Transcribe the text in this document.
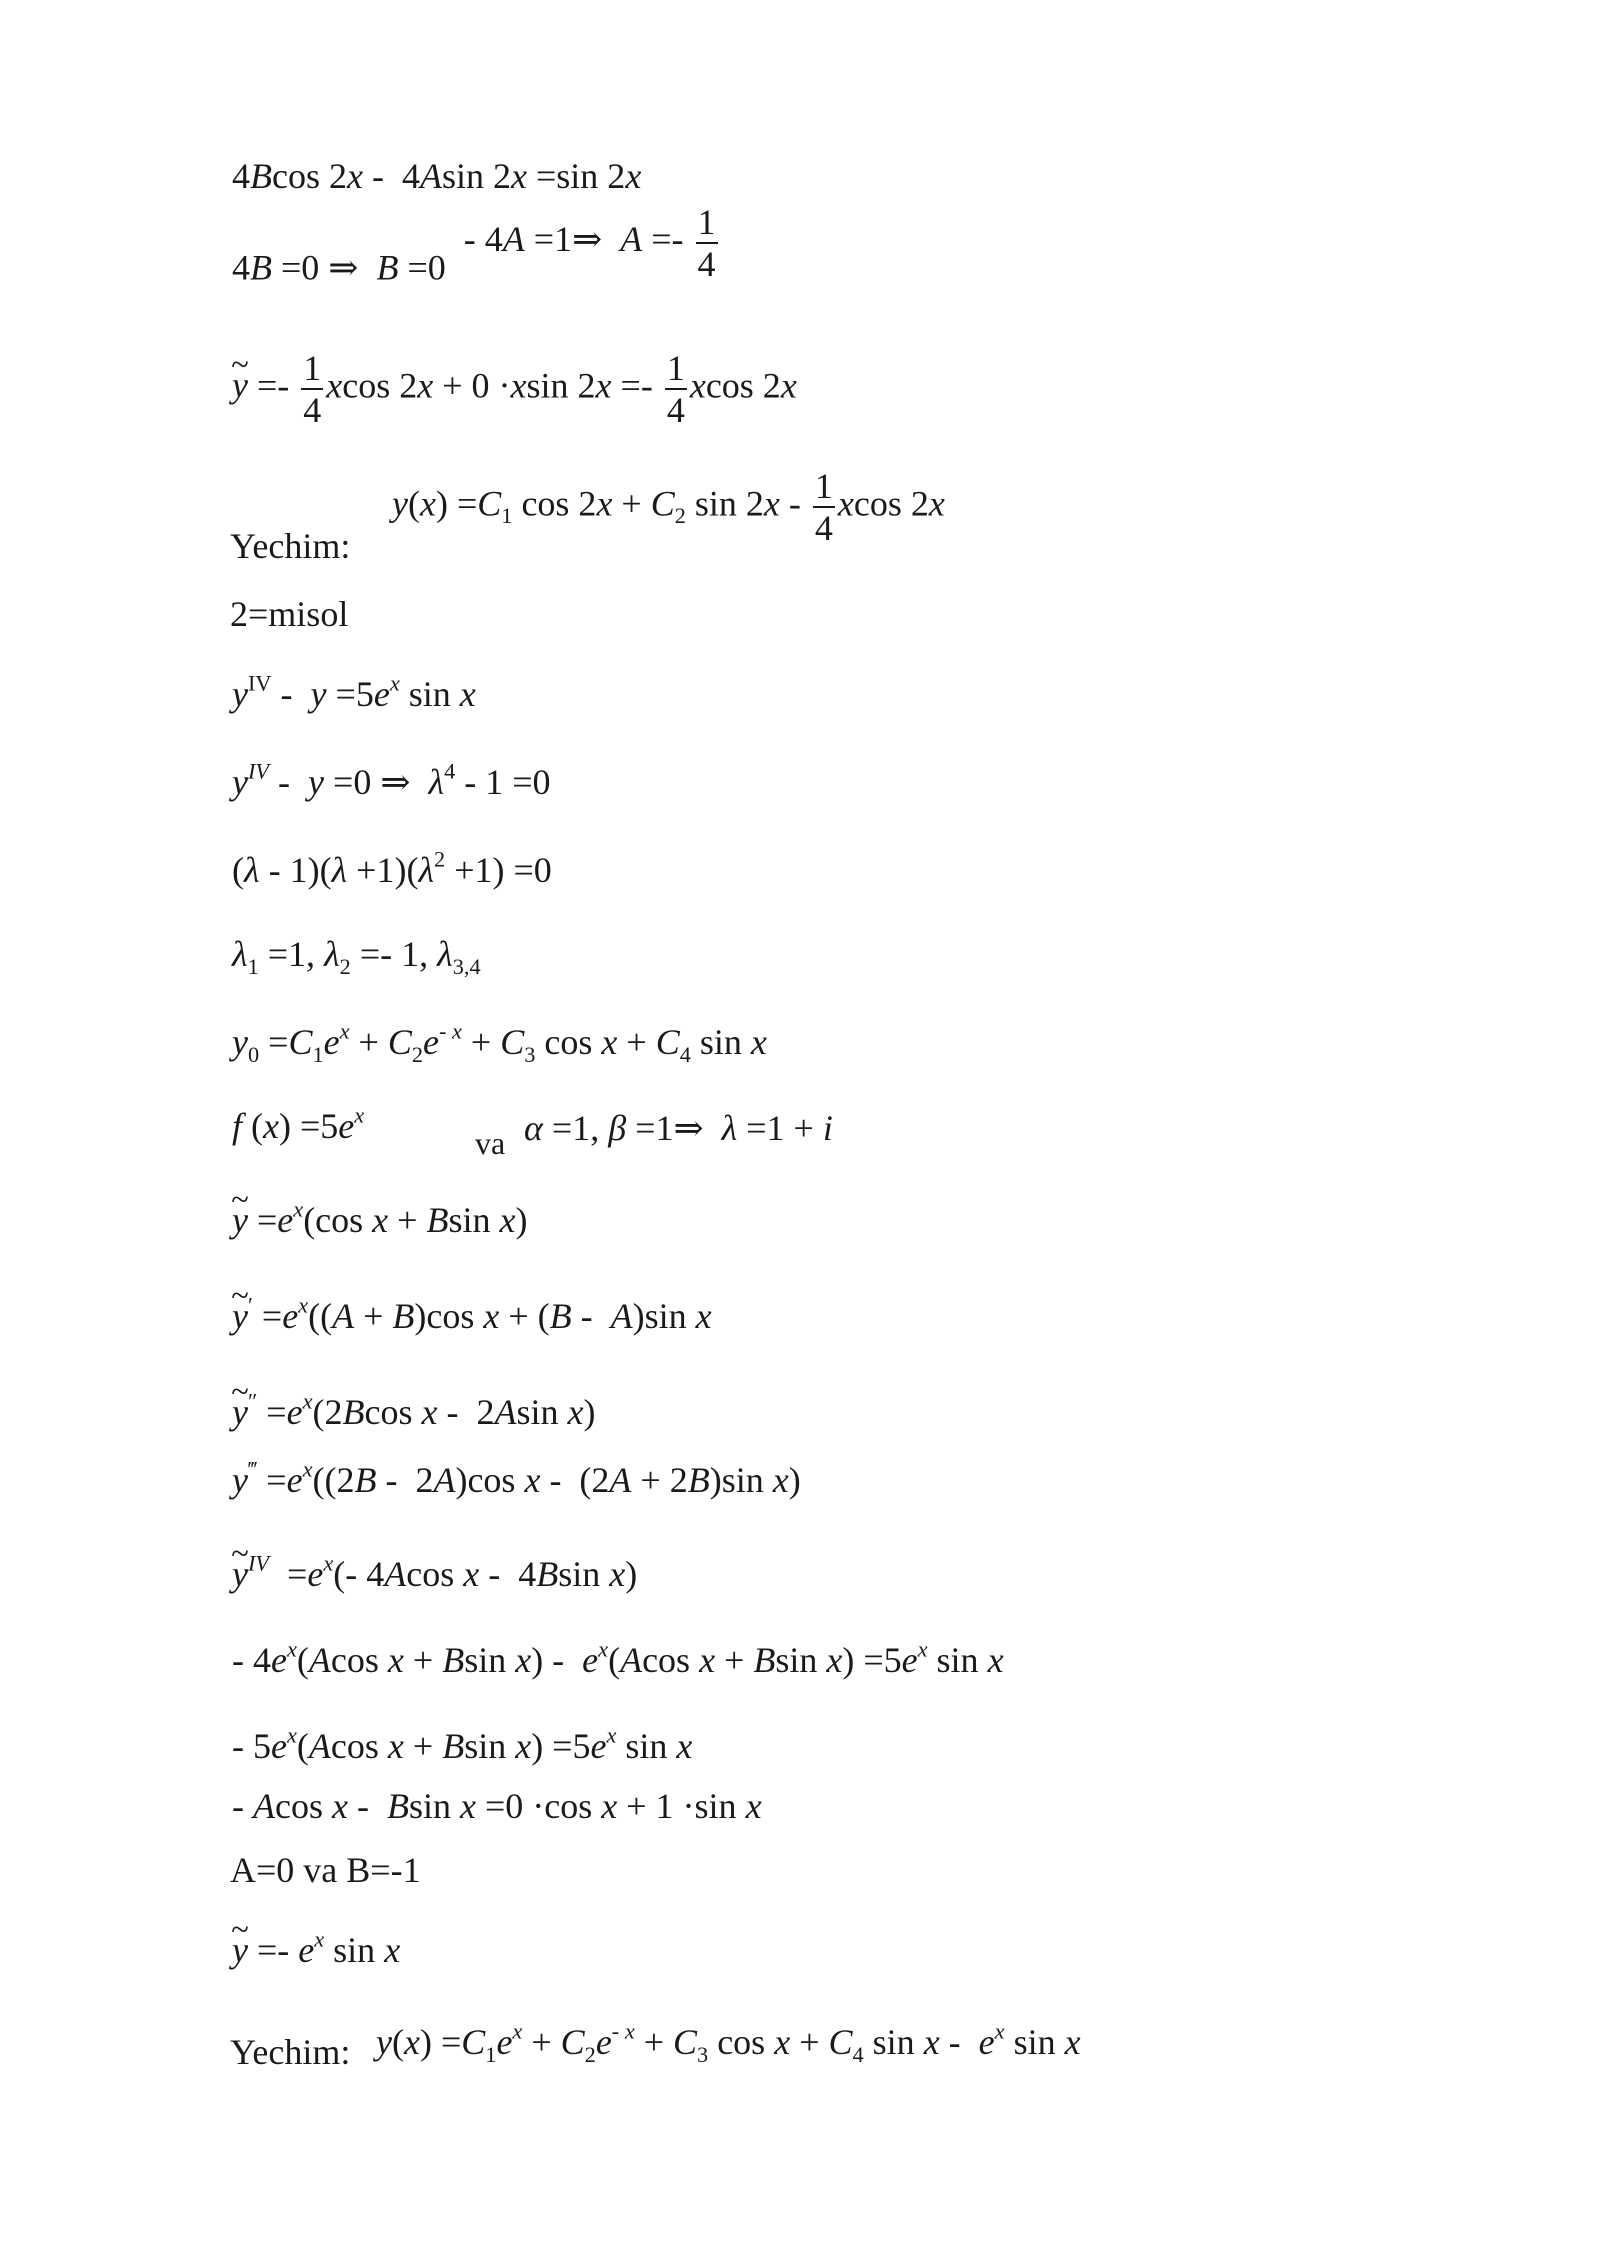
4Bcos 2x -  4Asin 2x =sin 2x
4B =0 ⇒  B =0  - 4A =1⇒  $A =- \frac{1}{4}$
~ $y =- \frac{1}{4}$ xcos 2x + 0 ·xsin $2x =- \frac{1}{4}$ xcos 2x
Yechim:
$y(x) =C_1$ $\cos 2x + C_2$ $\sin 2x - \frac{1}{4}$ xcos 2x
2=misol
$y^{IV} - y =5e^x$ sin x
$y^{IV} - y =0$ ⇒  $\lambda^4 - 1 =0$
$(\lambda - 1)(\lambda +1)(\lambda^2 +1) =0$
$\lambda_1 =1$, $\lambda_2 =- 1$, $\lambda_{3,4}$
$y_0 =C_1e^x + C_2e^{- x} + C_3$ $\cos x + C_4$ sin x
f $(x) =5e^x$
va α =1, β =1⇒  λ =1 + i
~ $y =e^x(\cos$ x + Bsin x)
~ $y' =e^x((A + B)\cos$ x + (B -  A)sin x
~ $y'' =e^x(2Bcos$ x -  2Asin x)
$y^‴ =e^x((2B - 2A)\cos$ x -  (2A + 2B)sin x)
~ $y^{IV} =e^x(-$ 4Acos x -  4Bsin x)
- $4e^x(Acos$ x + Bsin $x) - e^x(Acos$ x + Bsin $x) =5e^x$ sin x
- $5e^x(Acos$ x + Bsin $x) =5e^x$ sin x
- Acos x -  Bsin x =0 ·cos x + 1 ·sin x
A=0 va B=-1
~ $y =- e^x$ sin x
Yechim: $y(x) =C_1e^x + C_2e^{- x} + C_3$ $\cos x + C_4$ sin x -  $e^x$ sin x
